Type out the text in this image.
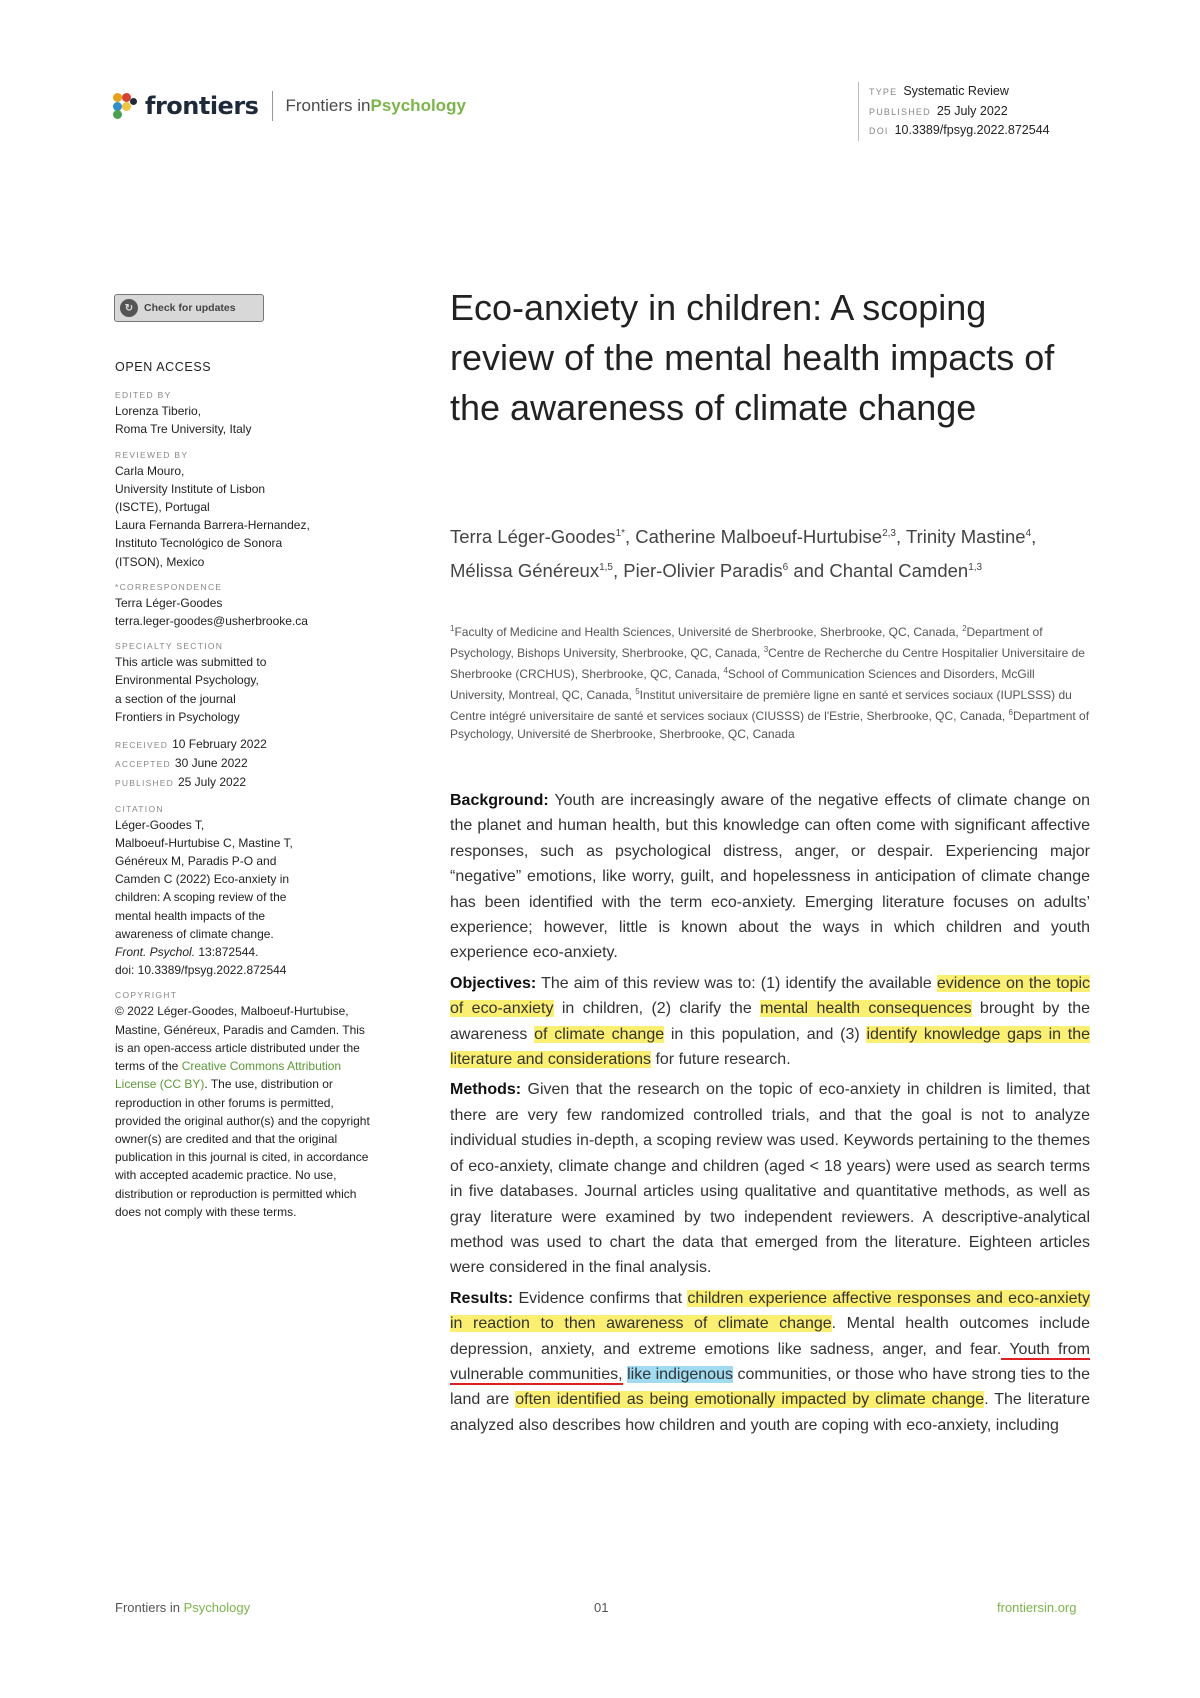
frontiers Frontiers in Psychology
TYPE Systematic Review
PUBLISHED 25 July 2022
DOI 10.3389/fpsyg.2022.872544
↻	Check for updates
OPEN ACCESS
EDITED BY
Lorenza Tiberio,
Roma Tre University, Italy
REVIEWED BY
Carla Mouro,
University Institute of Lisbon
(ISCTE), Portugal
Laura Fernanda Barrera-Hernandez,
Instituto Tecnológico de Sonora
(ITSON), Mexico
*CORRESPONDENCE
Terra Léger-Goodes
terra.leger-goodes@usherbrooke.ca
SPECIALTY SECTION
This article was submitted to
Environmental Psychology,
a section of the journal
Frontiers in Psychology
RECEIVED 10 February 2022
ACCEPTED 30 June 2022
PUBLISHED 25 July 2022
CITATION
Léger-Goodes T,
Malboeuf-Hurtubise C, Mastine T,
Généreux M, Paradis P-O and
Camden C (2022) Eco-anxiety in
children: A scoping review of the
mental health impacts of the
awareness of climate change.
Front. Psychol. 13:872544.
doi: 10.3389/fpsyg.2022.872544
COPYRIGHT
© 2022 Léger-Goodes, Malboeuf-Hurtubise, Mastine, Généreux, Paradis and Camden. This is an open-access article distributed under the terms of the Creative Commons Attribution License (CC BY). The use, distribution or reproduction in other forums is permitted, provided the original author(s) and the copyright owner(s) are credited and that the original publication in this journal is cited, in accordance with accepted academic practice. No use, distribution or reproduction is permitted which does not comply with these terms.
Eco-anxiety in children: A scoping review of the mental health impacts of the awareness of climate change
Terra Léger-Goodes$^{1*}$, Catherine Malboeuf-Hurtubise$^{2,3}$, Trinity Mastine$^4$, Mélissa Généreux$^{1,5}$, Pier-Olivier Paradis$^6$ and Chantal Camden$^{1,3}$
$^1$Faculty of Medicine and Health Sciences, Université de Sherbrooke, Sherbrooke, QC, Canada, $^2$Department of Psychology, Bishops University, Sherbrooke, QC, Canada, $^3$Centre de Recherche du Centre Hospitalier Universitaire de Sherbrooke (CRCHUS), Sherbrooke, QC, Canada, $^4$School of Communication Sciences and Disorders, McGill University, Montreal, QC, Canada, $^5$Institut universitaire de première ligne en santé et services sociaux (IUPLSSS) du Centre intégré universitaire de santé et services sociaux (CIUSSS) de l'Estrie, Sherbrooke, QC, Canada, $^6$Department of Psychology, Université de Sherbrooke, Sherbrooke, QC, Canada

Background: Youth are increasingly aware of the negative effects of climate change on the planet and human health, but this knowledge can often come with significant affective responses, such as psychological distress, anger, or despair. Experiencing major “negative” emotions, like worry, guilt, and hopelessness in anticipation of climate change has been identified with the term eco-anxiety. Emerging literature focuses on adults’ experience; however, little is known about the ways in which children and youth experience eco-anxiety.

Objectives: The aim of this review was to: (1) identify the available evidence on the topic of eco-anxiety in children, (2) clarify the mental health consequences brought by the awareness of climate change in this population, and (3) identify knowledge gaps in the literature and considerations for future research.

Methods: Given that the research on the topic of eco-anxiety in children is limited, that there are very few randomized controlled trials, and that the goal is not to analyze individual studies in-depth, a scoping review was used. Keywords pertaining to the themes of eco-anxiety, climate change and children (aged < 18 years) were used as search terms in five databases. Journal articles using qualitative and quantitative methods, as well as gray literature were examined by two independent reviewers. A descriptive-analytical method was used to chart the data that emerged from the literature. Eighteen articles were considered in the final analysis.

Results: Evidence confirms that children experience affective responses and eco-anxiety in reaction to then awareness of climate change. Mental health outcomes include depression, anxiety, and extreme emotions like sadness, anger, and fear. Youth from vulnerable communities, like indigenous communities, or those who have strong ties to the land are often identified as being emotionally impacted by climate change. The literature analyzed also describes how children and youth are coping with eco-anxiety, including

Frontiers in Psychology	01	frontiersin.org
